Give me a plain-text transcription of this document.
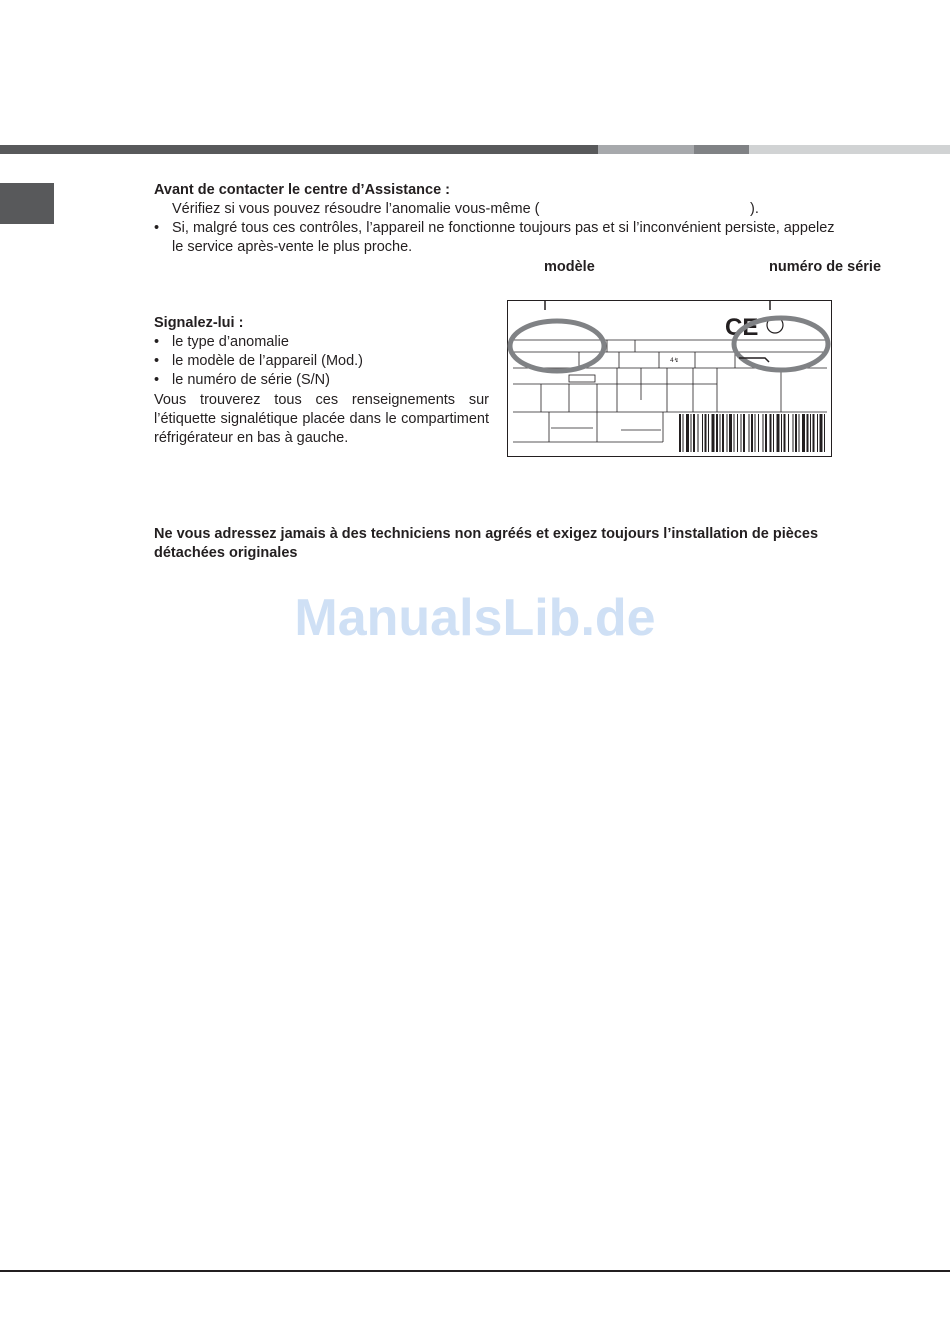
Avant de contacter le centre d’Assistance :
Vérifiez si vous pouvez résoudre l’anomalie vous-même (	).
• Si, malgré tous ces contrôles, l’appareil ne fonctionne toujours pas et si l’inconvénient persiste, appelez
le service après-vente le plus proche.
Signalez-lui :
• le type d’anomalie
• le modèle de l’appareil (Mod.)
• le numéro de série (S/N)
Vous trouverez tous ces renseignements sur l’étiquette signalétique placée dans le compartiment réfrigérateur en bas à gauche.
modèle	numéro de série
4↯
CE
Ne vous adressez jamais à des techniciens non agréés et exigez toujours l’installation de pièces
détachées originales
ManualsLib.de
